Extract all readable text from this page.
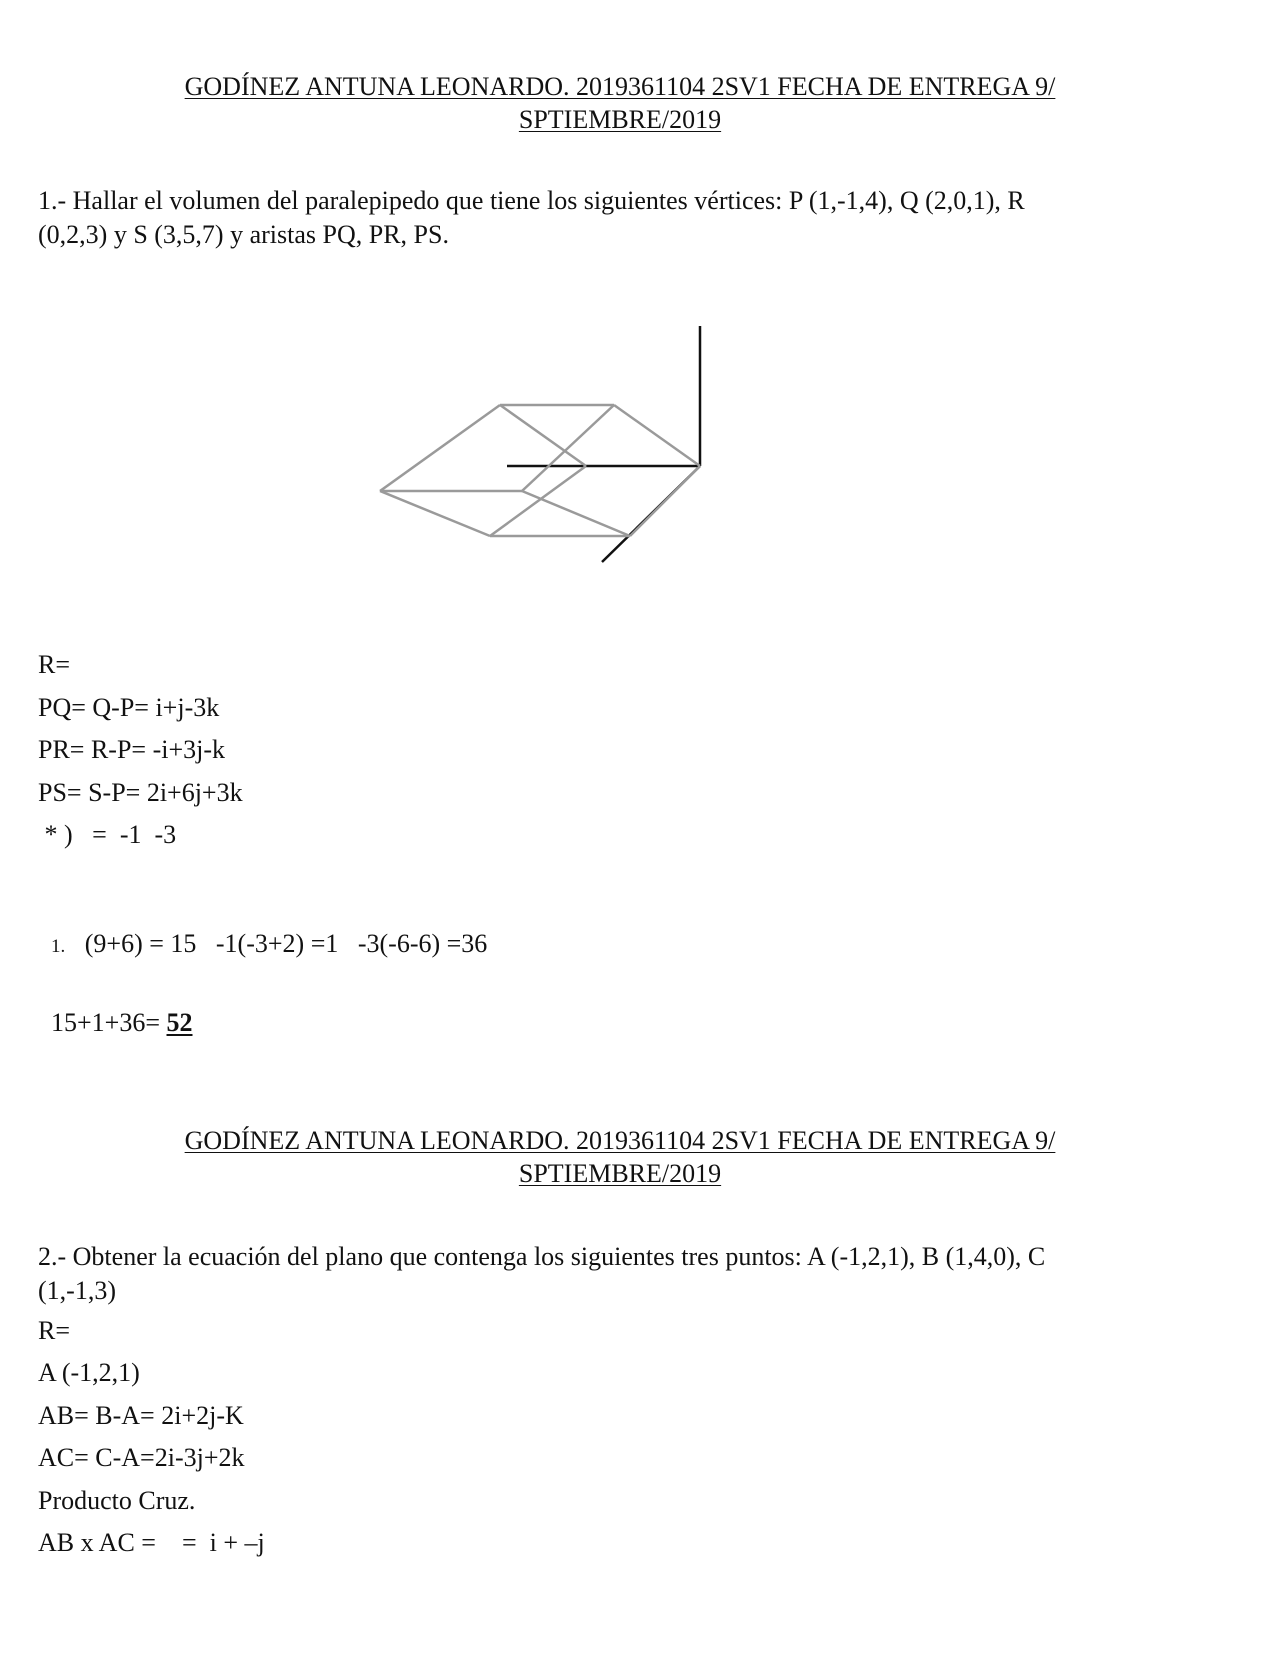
GODÍNEZ ANTUNA LEONARDO. 2019361104 2SV1 FECHA DE ENTREGA 9/
SPTIEMBRE/2019
1.- Hallar el volumen del paralepipedo que tiene los siguientes vértices: P (1,-1,4), Q (2,0,1), R
(0,2,3) y S (3,5,7) y aristas PQ, PR, PS.
R=
PQ= Q-P= i+j-3k
PR= R-P= -i+3j-k
PS= S-P= 2i+6j+3k
* )   =  -1  -3

1. (9+6) = 15   -1(-3+2) =1   -3(-6-6) =36

15+1+36= 52

GODÍNEZ ANTUNA LEONARDO. 2019361104 2SV1 FECHA DE ENTREGA 9/
SPTIEMBRE/2019
2.- Obtener la ecuación del plano que contenga los siguientes tres puntos: A (-1,2,1), B (1,4,0), C
(1,-1,3)
R=
A (-1,2,1)
AB= B-A= 2i+2j-K
AC= C-A=2i-3j+2k
Producto Cruz.
AB x AC =    =  i + –j
